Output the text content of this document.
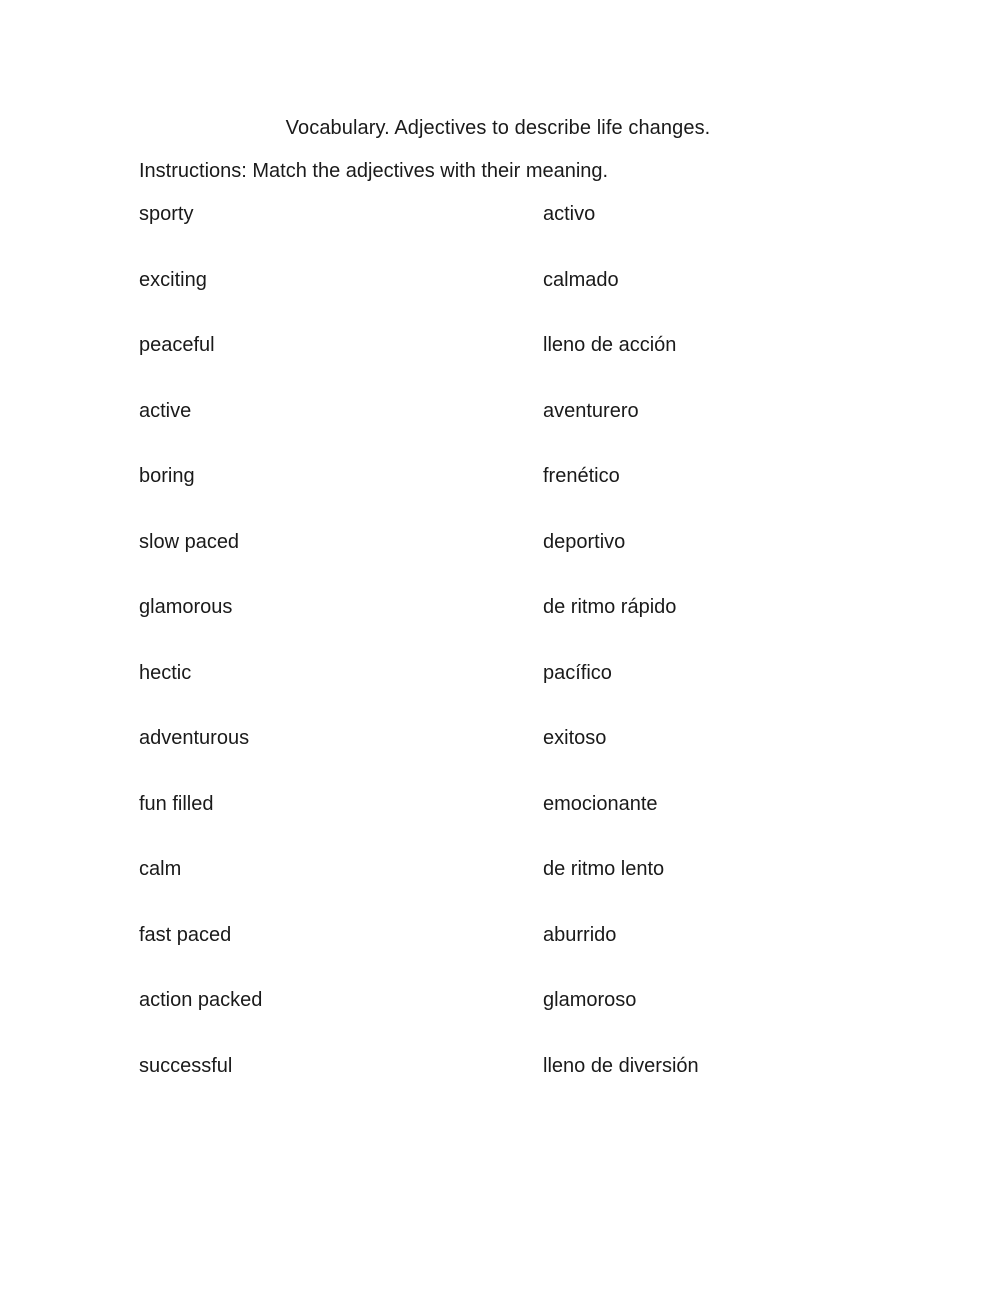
Vocabulary. Adjectives to describe life changes.
Instructions: Match the adjectives with their meaning.
sporty	activo
exciting	calmado
peaceful	lleno de acción
active	aventurero
boring	frenético
slow paced	deportivo
glamorous	de ritmo rápido
hectic	pacífico
adventurous	exitoso
fun filled	emocionante
calm	de ritmo lento
fast paced	aburrido
action packed	glamoroso
successful	lleno de diversión
